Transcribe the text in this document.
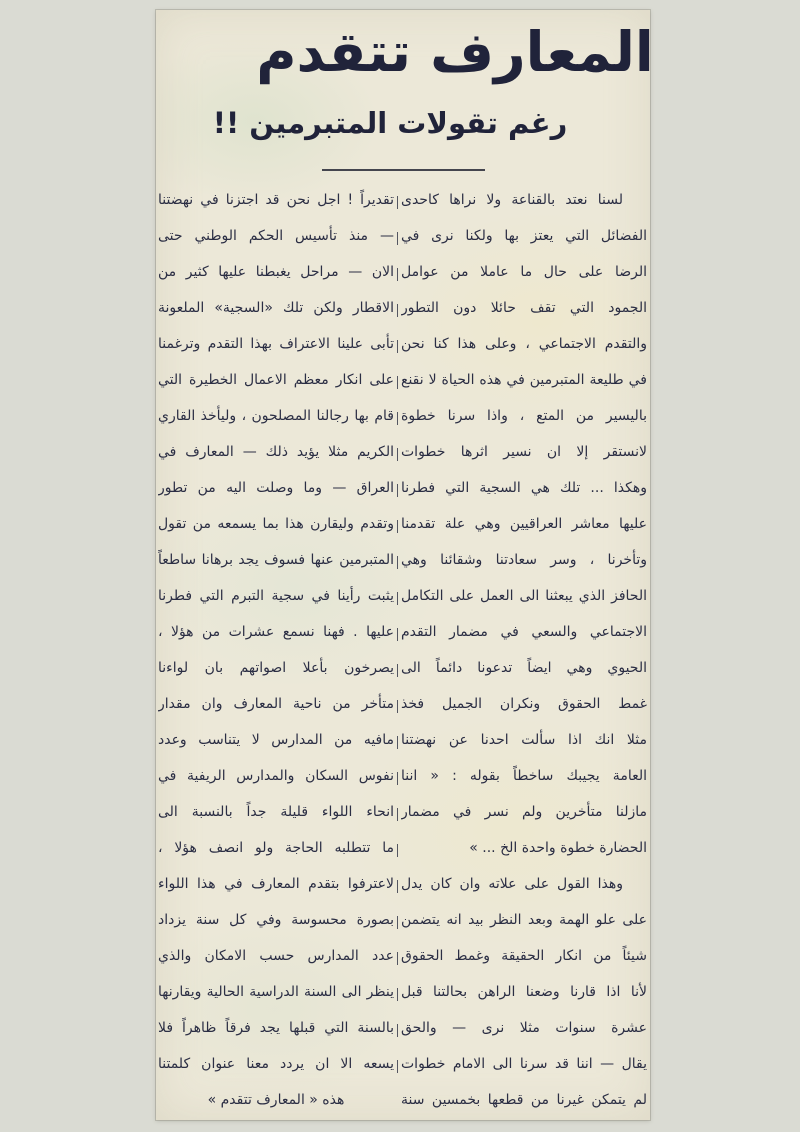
المعارف تتقدم
رغم تقولات المتبرمين !!
لسنا نعتد بالقناعة ولا نراها كاحدى
الفضائل التي يعتز بها ولكنا نرى في
الرضا على حال ما عاملا من عوامل
الجمود التي تقف حائلا دون التطور
والتقدم الاجتماعي ، وعلى هذا كنا نحن
في طليعة المتبرمين في هذه الحياة لا نقنع
باليسير من المتع ، واذا سرنا خطوة
لانستقر إلا ان نسير اثرها خطوات
وهكذا ... تلك هي السجية التي فطرنا
عليها معاشر العراقيين وهي علة تقدمنا
وتأخرنا ، وسر سعادتنا وشقائنا وهي
الحافز الذي يبعثنا الى العمل على التكامل
الاجتماعي والسعي في مضمار التقدم
الحيوي وهي ايضاً تدعونا دائماً الى
غمط الحقوق ونكران الجميل فخذ
مثلا انك اذا سألت احدنا عن نهضتنا
العامة يجيبك ساخطاً بقوله : « اننا
مازلنا متأخرين ولم نسر في مضمار
الحضارة خطوة واحدة الخ ... »
وهذا القول على علاته وان كان يدل
على علو الهمة وبعد النظر بيد انه يتضمن
شيئاً من انكار الحقيقة وغمط الحقوق
لأنا اذا قارنا وضعنا الراهن بحالتنا قبل
عشرة سنوات مثلا نرى — والحق
يقال — اننا قد سرنا الى الامام خطوات
لم يتمكن غيرنا من قطعها بخمسين سنة
تقديراً ! اجل نحن قد اجتزنا في نهضتنا
— منذ تأسيس الحكم الوطني حتى
الان — مراحل يغبطنا عليها كثير من
الاقطار ولكن تلك «السجية» الملعونة
تأبى علينا الاعتراف بهذا التقدم وترغمنا
على انكار معظم الاعمال الخطيرة التي
قام بها رجالنا المصلحون ، وليأخذ القاري
الكريم مثلا يؤيد ذلك — المعارف في
العراق — وما وصلت اليه من تطور
وتقدم وليقارن هذا بما يسمعه من تقول
المتبرمين عنها فسوف يجد برهانا ساطعاً
يثبت رأينا في سجية التبرم التي فطرنا
عليها . فهنا نسمع عشرات من هؤلا ،
يصرخون بأعلا اصواتهم بان لواءنا
متأخر من ناحية المعارف وان مقدار
مافيه من المدارس لا يتناسب وعدد
نفوس السكان والمدارس الريفية في
انحاء اللواء قليلة جداً بالنسبة الى
ما تتطلبه الحاجة ولو انصف هؤلا ،
لاعترفوا بتقدم المعارف في هذا اللواء
بصورة محسوسة وفي كل سنة يزداد
عدد المدارس حسب الامكان والذي
ينظر الى السنة الدراسية الحالية ويقارنها
بالسنة التي قبلها يجد فرقاً ظاهراً فلا
يسعه الا ان يردد معنا عنوان كلمتنا
هذه « المعارف تتقدم »
